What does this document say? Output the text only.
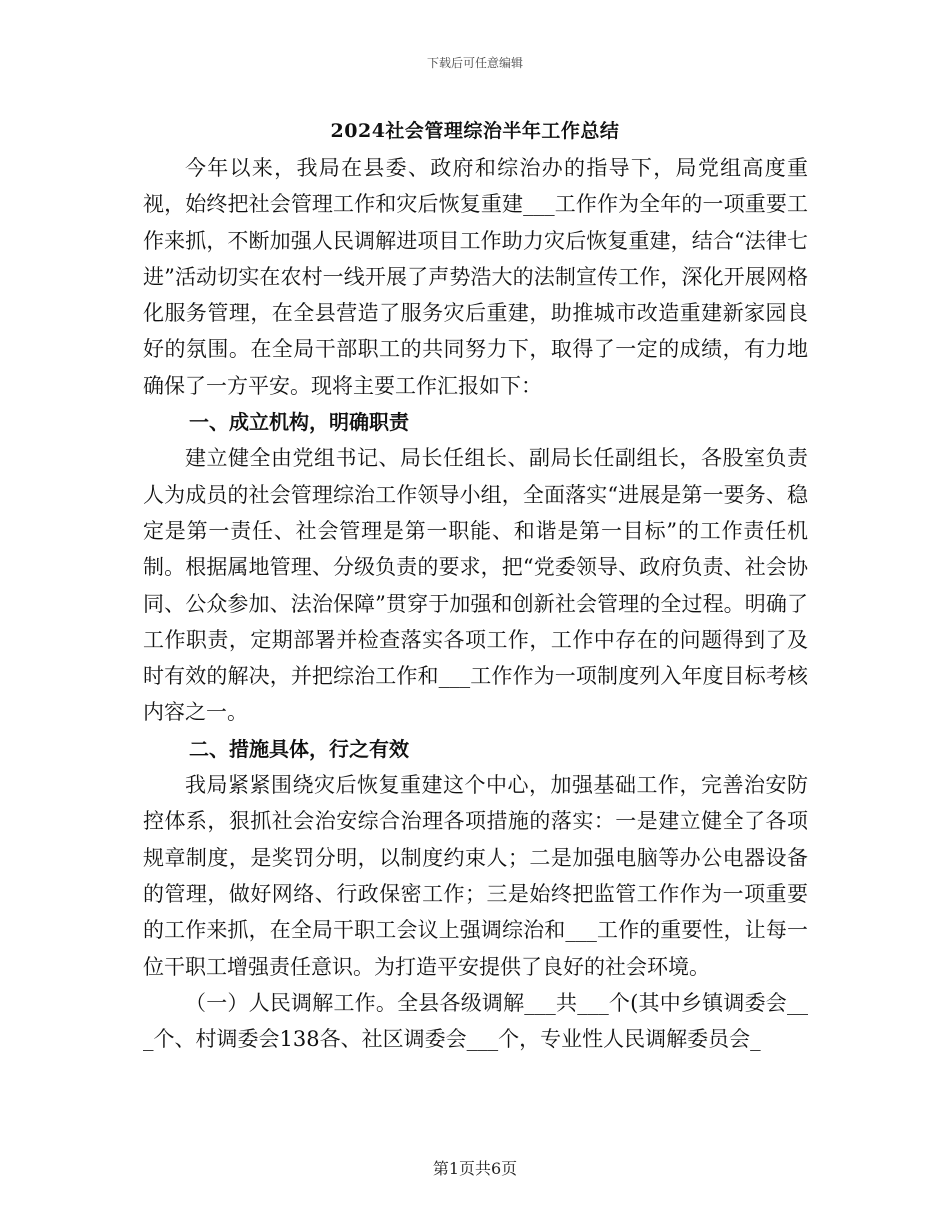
下载后可任意编辑
2024社会管理综治半年工作总结

今年以来，我局在县委、政府和综治办的指导下，局党组高度重视，始终把社会管理工作和灾后恢复重建___工作作为全年的一项重要工作来抓，不断加强人民调解进项目工作助力灾后恢复重建，结合“法律七进”活动切实在农村一线开展了声势浩大的法制宣传工作，深化开展网格化服务管理，在全县营造了服务灾后重建，助推城市改造重建新家园良好的氛围。在全局干部职工的共同努力下，取得了一定的成绩，有力地确保了一方平安。现将主要工作汇报如下：

一、成立机构，明确职责

建立健全由党组书记、局长任组长、副局长任副组长，各股室负责人为成员的社会管理综治工作领导小组，全面落实“进展是第一要务、稳定是第一责任、社会管理是第一职能、和谐是第一目标”的工作责任机制。根据属地管理、分级负责的要求，把“党委领导、政府负责、社会协同、公众参加、法治保障”贯穿于加强和创新社会管理的全过程。明确了工作职责，定期部署并检查落实各项工作，工作中存在的问题得到了及时有效的解决，并把综治工作和___工作作为一项制度列入年度目标考核内容之一。

二、措施具体，行之有效

我局紧紧围绕灾后恢复重建这个中心，加强基础工作，完善治安防控体系，狠抓社会治安综合治理各项措施的落实：一是建立健全了各项规章制度，是奖罚分明，以制度约束人；二是加强电脑等办公电器设备的管理，做好网络、行政保密工作；三是始终把监管工作作为一项重要的工作来抓，在全局干职工会议上强调综治和___工作的重要性，让每一位干职工增强责任意识。为打造平安提供了良好的社会环境。

（一）人民调解工作。全县各级调解___共___个(其中乡镇调委会___个、村调委会138各、社区调委会___个，专业性人民调解委员会_

第1页共6页
